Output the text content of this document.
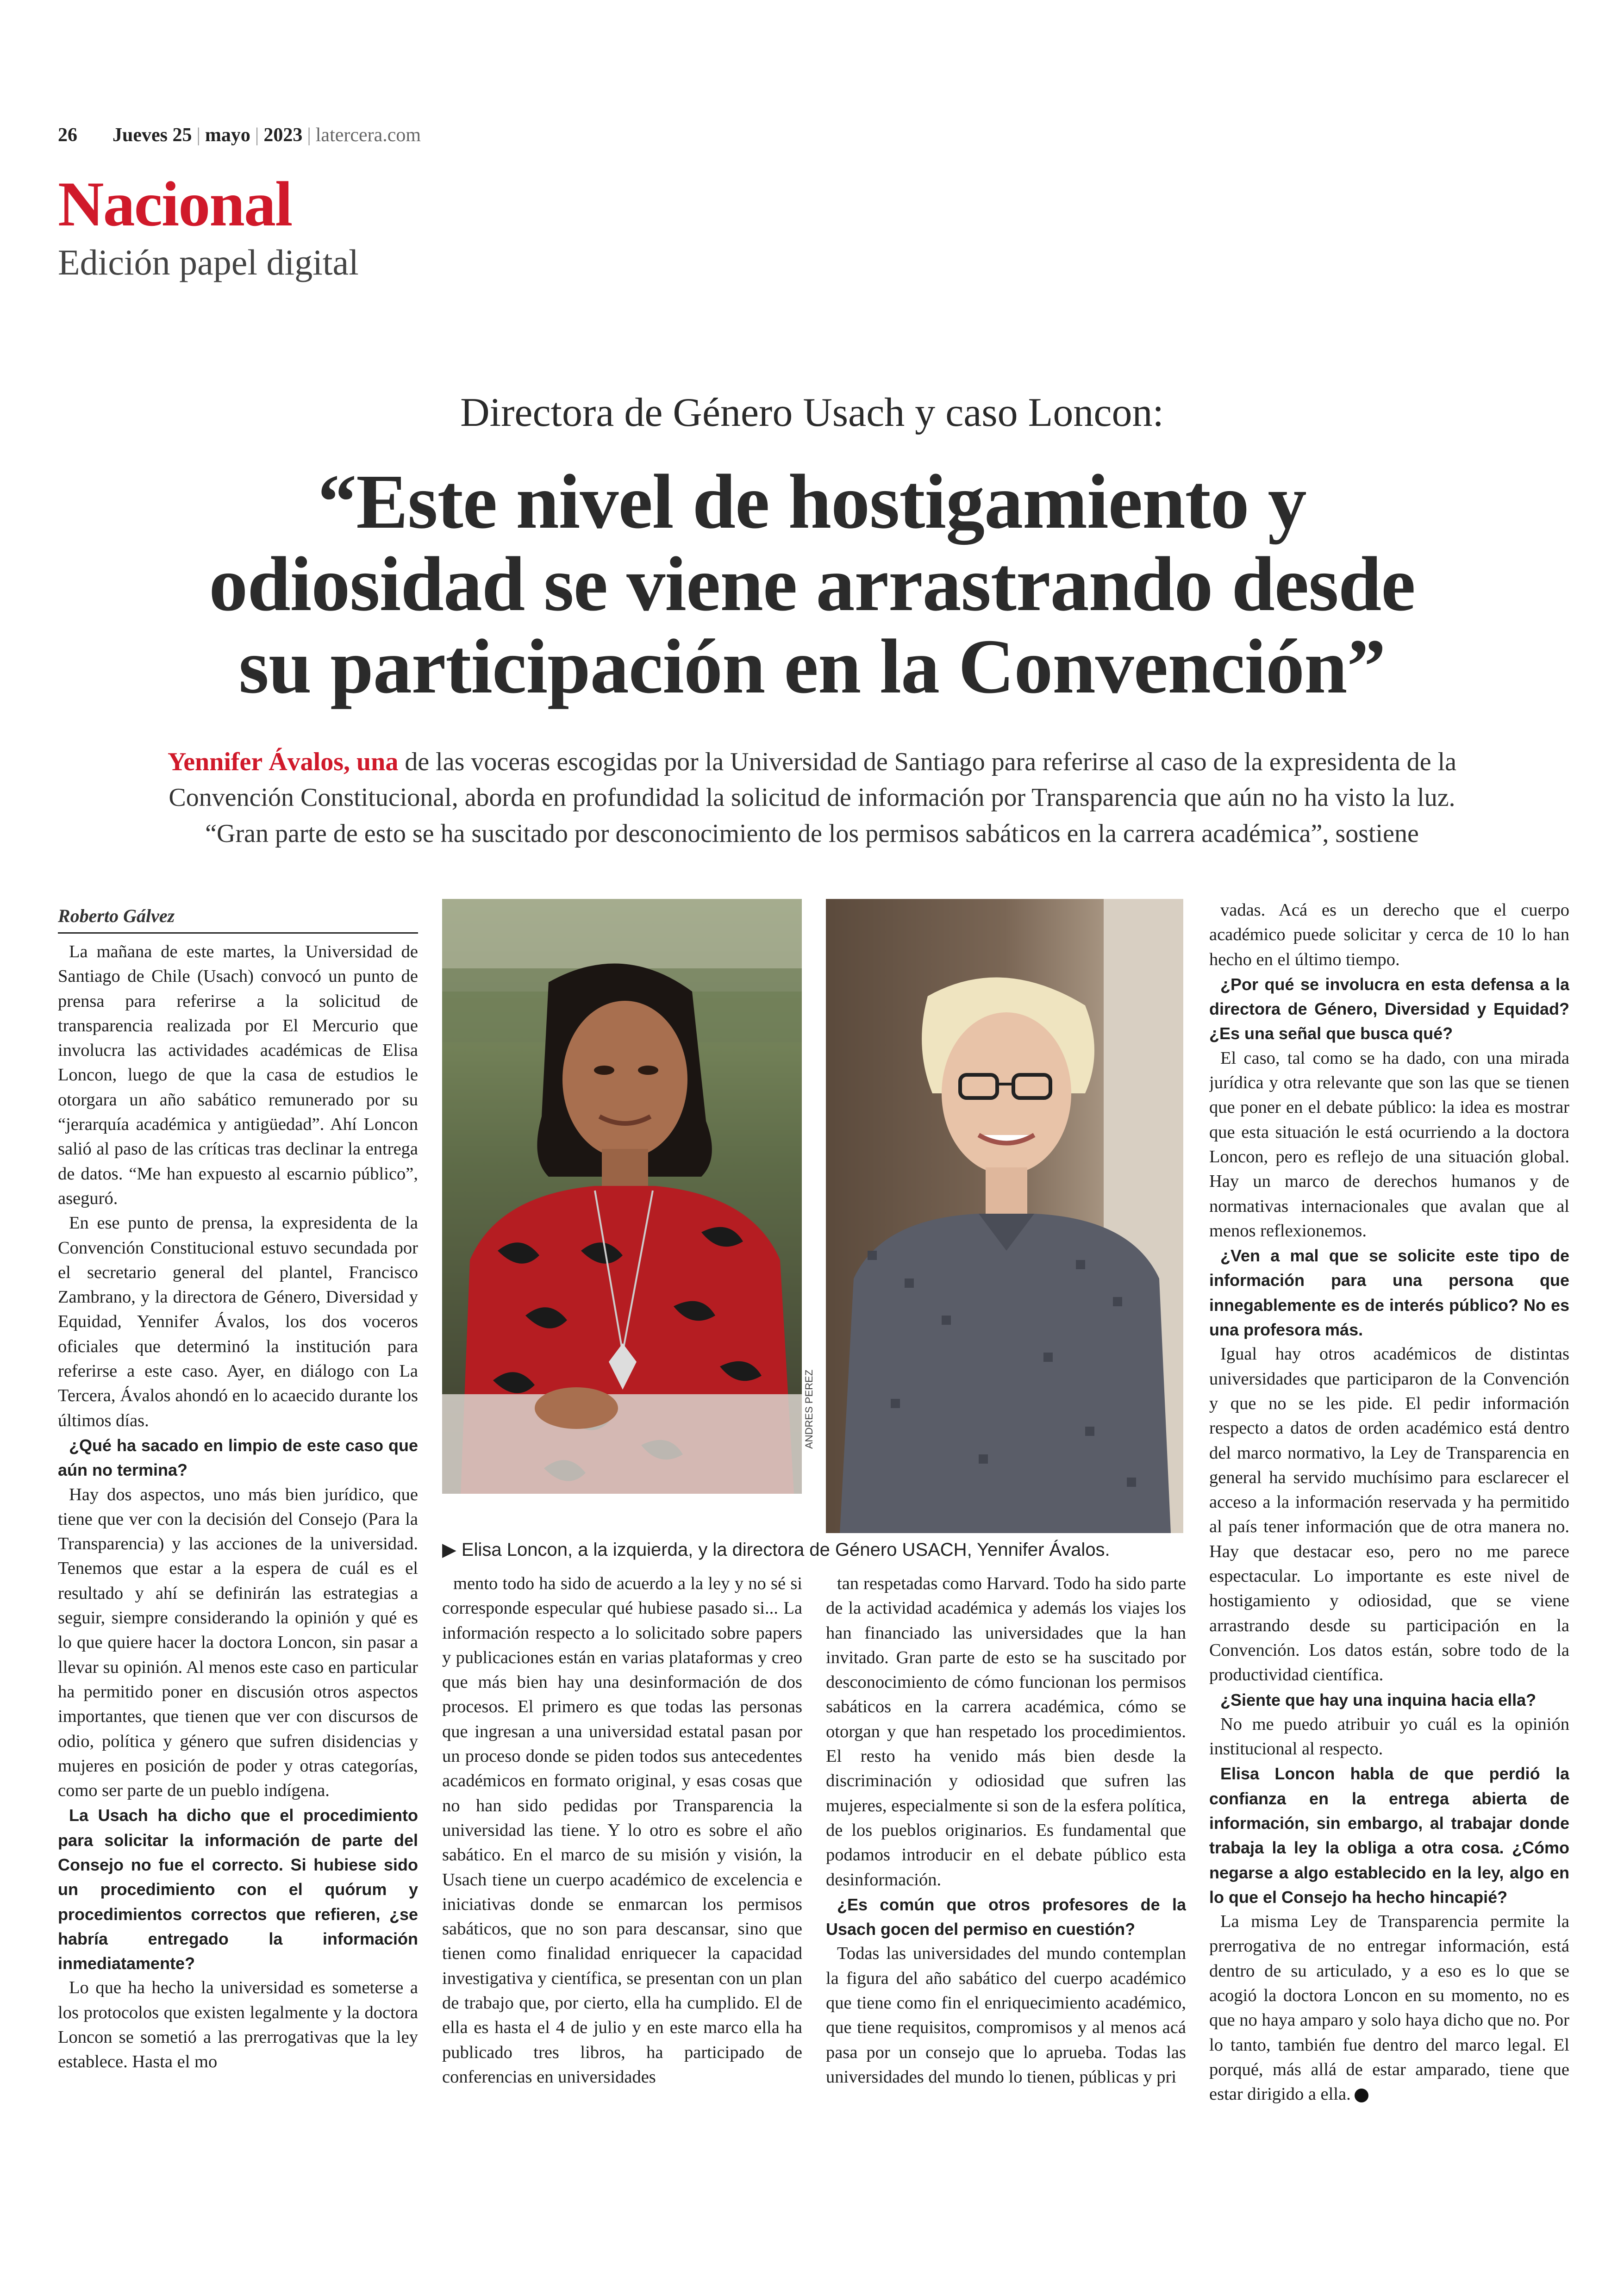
26 Jueves 25 | mayo | 2023 | latercera.com
Nacional
Edición papel digital
Directora de Género Usach y caso Loncon:
“Este nivel de hostigamiento y
odiosidad se viene arrastrando desde
su participación en la Convención”
Yennifer Ávalos, una de las voceras escogidas por la Universidad de Santiago para referirse al caso de la expresidenta de la
Convención Constitucional, aborda en profundidad la solicitud de información por Transparencia que aún no ha visto la luz.
“Gran parte de esto se ha suscitado por desconocimiento de los permisos sabáticos en la carrera académica”, sostiene
Roberto Gálvez
ANDRES PEREZ
▶ Elisa Loncon, a la izquierda, y la directora de Género USACH, Yennifer Ávalos.

La mañana de este martes, la Universidad de Santiago de Chile (Usach) convocó un punto de prensa para referirse a la solicitud de transparencia realizada por El Mercurio que involucra las actividades académicas de Elisa Loncon, luego de que la casa de estudios le otorgara un año sabático remunerado por su “jerarquía académica y antigüedad”. Ahí Loncon salió al paso de las críticas tras declinar la entrega de datos. “Me han expuesto al escarnio público”, aseguró.

En ese punto de prensa, la expresidenta de la Convención Constitucional estuvo secundada por el secretario general del plantel, Francisco Zambrano, y la directora de Género, Diversidad y Equidad, Yennifer Ávalos, los dos voceros oficiales que determinó la institución para referirse a este caso. Ayer, en diálogo con La Tercera, Ávalos ahondó en lo acaecido durante los últimos días.

¿Qué ha sacado en limpio de este caso que aún no termina?

Hay dos aspectos, uno más bien jurídico, que tiene que ver con la decisión del Consejo (Para la Transparencia) y las acciones de la universidad. Tenemos que estar a la espera de cuál es el resultado y ahí se definirán las estrategias a seguir, siempre considerando la opinión y qué es lo que quiere hacer la doctora Loncon, sin pasar a llevar su opinión. Al menos este caso en particular ha permitido poner en discusión otros aspectos importantes, que tienen que ver con discursos de odio, política y género que sufren disidencias y mujeres en posición de poder y otras categorías, como ser parte de un pueblo indígena.

La Usach ha dicho que el procedimiento para solicitar la información de parte del Consejo no fue el correcto. Si hubiese sido un procedimiento con el quórum y procedimientos correctos que refieren, ¿se habría entregado la información inmediatamente?

Lo que ha hecho la universidad es someterse a los protocolos que existen legalmente y la doctora Loncon se sometió a las prerrogativas que la ley establece. Hasta el mo

mento todo ha sido de acuerdo a la ley y no sé si corresponde especular qué hubiese pasado si... La información respecto a lo solicitado sobre papers y publicaciones están en varias plataformas y creo que más bien hay una desinformación de dos procesos. El primero es que todas las personas que ingresan a una universidad estatal pasan por un proceso donde se piden todos sus antecedentes académicos en formato original, y esas cosas que no han sido pedidas por Transparencia la universidad las tiene. Y lo otro es sobre el año sabático. En el marco de su misión y visión, la Usach tiene un cuerpo académico de excelencia e iniciativas donde se enmarcan los permisos sabáticos, que no son para descansar, sino que tienen como finalidad enriquecer la capacidad investigativa y científica, se presentan con un plan de trabajo que, por cierto, ella ha cumplido. El de ella es hasta el 4 de julio y en este marco ella ha publicado tres libros, ha participado de conferencias en universidades

tan respetadas como Harvard. Todo ha sido parte de la actividad académica y además los viajes los han financiado las universidades que la han invitado. Gran parte de esto se ha suscitado por desconocimiento de cómo funcionan los permisos sabáticos en la carrera académica, cómo se otorgan y que han respetado los procedimientos. El resto ha venido más bien desde la discriminación y odiosidad que sufren las mujeres, especialmente si son de la esfera política, de los pueblos originarios. Es fundamental que podamos introducir en el debate público esta desinformación.

¿Es común que otros profesores de la Usach gocen del permiso en cuestión?

Todas las universidades del mundo contemplan la figura del año sabático del cuerpo académico que tiene como fin el enriquecimiento académico, que tiene requisitos, compromisos y al menos acá pasa por un consejo que lo aprueba. Todas las universidades del mundo lo tienen, públicas y pri

vadas. Acá es un derecho que el cuerpo académico puede solicitar y cerca de 10 lo han hecho en el último tiempo.

¿Por qué se involucra en esta defensa a la directora de Género, Diversidad y Equidad? ¿Es una señal que busca qué?

El caso, tal como se ha dado, con una mirada jurídica y otra relevante que son las que se tienen que poner en el debate público: la idea es mostrar que esta situación le está ocurriendo a la doctora Loncon, pero es reflejo de una situación global. Hay un marco de derechos humanos y de normativas internacionales que avalan que al menos reflexionemos.

¿Ven a mal que se solicite este tipo de información para una persona que innegablemente es de interés público? No es una profesora más.

Igual hay otros académicos de distintas universidades que participaron de la Convención y que no se les pide. El pedir información respecto a datos de orden académico está dentro del marco normativo, la Ley de Transparencia en general ha servido muchísimo para esclarecer el acceso a la información reservada y ha permitido al país tener información que de otra manera no. Hay que destacar eso, pero no me parece espectacular. Lo importante es este nivel de hostigamiento y odiosidad, que se viene arrastrando desde su participación en la Convención. Los datos están, sobre todo de la productividad científica.

¿Siente que hay una inquina hacia ella?

No me puedo atribuir yo cuál es la opinión institucional al respecto.

Elisa Loncon habla de que perdió la confianza en la entrega abierta de información, sin embargo, al trabajar donde trabaja la ley la obliga a otra cosa. ¿Cómo negarse a algo establecido en la ley, algo en lo que el Consejo ha hecho hincapié?

La misma Ley de Transparencia permite la prerrogativa de no entregar información, está dentro de su articulado, y a eso es lo que se acogió la doctora Loncon en su momento, no es que no haya amparo y solo haya dicho que no. Por lo tanto, también fue dentro del marco legal. El porqué, más allá de estar amparado, tiene que estar dirigido a ella.
